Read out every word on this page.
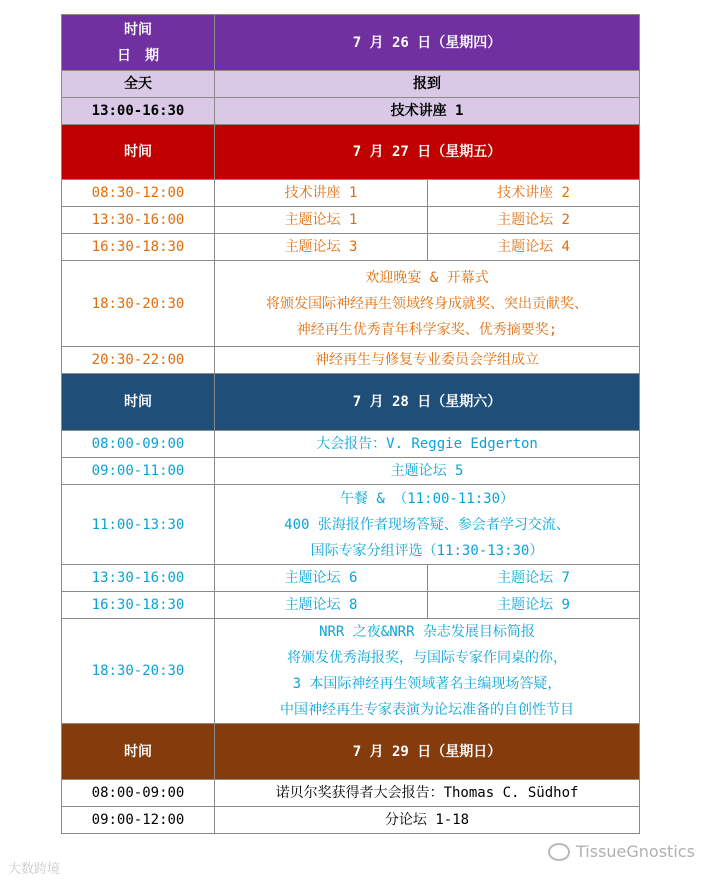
时间
日　期	7 月 26 日（星期四）	
全天	报到	
13:00-16:30	技术讲座 1	
时间	7 月 27 日（星期五）	
08:30-12:00	技术讲座 1	技术讲座 2
13:30-16:00	主题论坛 1	主题论坛 2
16:30-18:30	主题论坛 3	主题论坛 4
18:30-20:30	欢迎晚宴 & 开幕式
将颁发国际神经再生领域终身成就奖、突出贡献奖、
神经再生优秀青年科学家奖、优秀摘要奖;	

20:30-22:00	神经再生与修复专业委员会学组成立	
时间	7 月 28 日（星期六）	
08:00-09:00	大会报告：V. Reggie Edgerton	
09:00-11:00	主题论坛 5	
11:00-13:30	午餐 & （11:00-11:30）
400 张海报作者现场答疑、参会者学习交流、
国际专家分组评选（11:30-13:30）	

13:30-16:00	主题论坛 6	主题论坛 7
16:30-18:30	主题论坛 8	主题论坛 9
18:30-20:30	NRR 之夜&NRR 杂志发展目标简报
将颁发优秀海报奖，与国际专家作同桌的你，
3 本国际神经再生领域著名主编现场答疑，
中国神经再生专家表演为论坛准备的自创性节目	

时间	7 月 29 日（星期日）	
08:00-09:00	诺贝尔奖获得者大会报告：Thomas C. Südhof	
09:00-12:00	分论坛 1-18	
大数跨境
TissueGnostics
